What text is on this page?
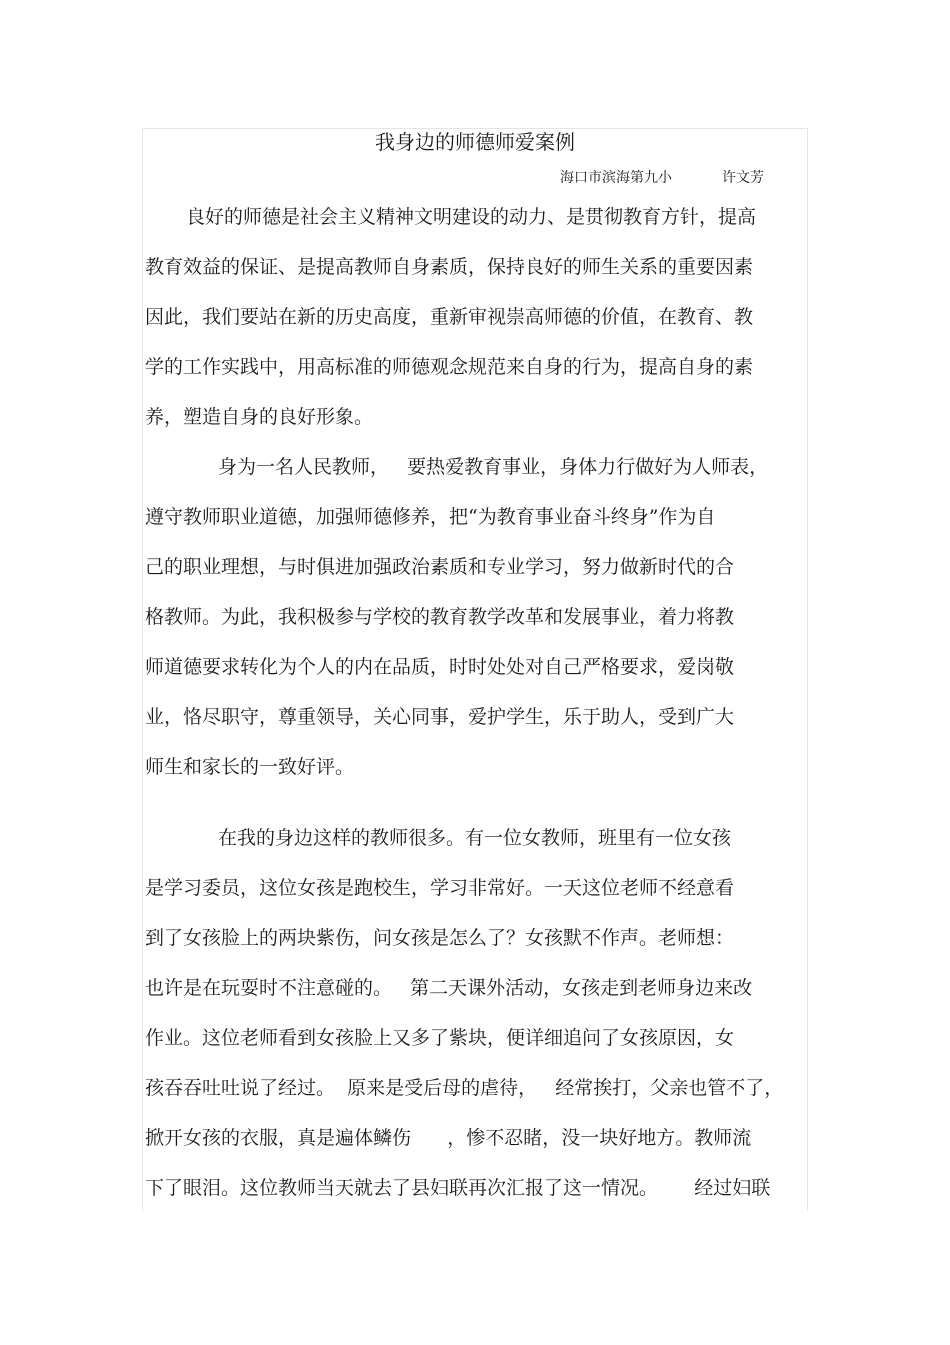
我身边的师德师爱案例
海口市滨海第九小	许文芳
良好的师德是社会主义精神文明建设的动力、是贯彻教育方针，提高
教育效益的保证、是提高教师自身素质，保持良好的师生关系的重要因素
因此，我们要站在新的历史高度，重新审视崇高师德的价值，在教育、教
学的工作实践中，用高标准的师德观念规范来自身的行为，提高自身的素
养，塑造自身的良好形象。
身为一名人民教师，   要热爱教育事业，身体力行做好为人师表，
遵守教师职业道德，加强师德修养，把“为教育事业奋斗终身”作为自
己的职业理想，与时俱进加强政治素质和专业学习，努力做新时代的合
格教师。为此，我积极参与学校的教育教学改革和发展事业，着力将教
师道德要求转化为个人的内在品质，时时处处对自己严格要求，爱岗敬
业，恪尽职守，尊重领导，关心同事，爱护学生，乐于助人，受到广大
师生和家长的一致好评。
在我的身边这样的教师很多。有一位女教师，班里有一位女孩
是学习委员，这位女孩是跑校生，学习非常好。一天这位老师不经意看
到了女孩脸上的两块紫伤，问女孩是怎么了？女孩默不作声。老师想：
也许是在玩耍时不注意碰的。   第二天课外活动，女孩走到老师身边来改
作业。这位老师看到女孩脸上又多了紫块，便详细追问了女孩原因，女
孩吞吞吐吐说了经过。  原来是受后母的虐待，   经常挨打，父亲也管不了，
掀开女孩的衣服，真是遍体鳞伤      ，惨不忍睹，没一块好地方。教师流
下了眼泪。这位教师当天就去了县妇联再次汇报了这一情况。      经过妇联
